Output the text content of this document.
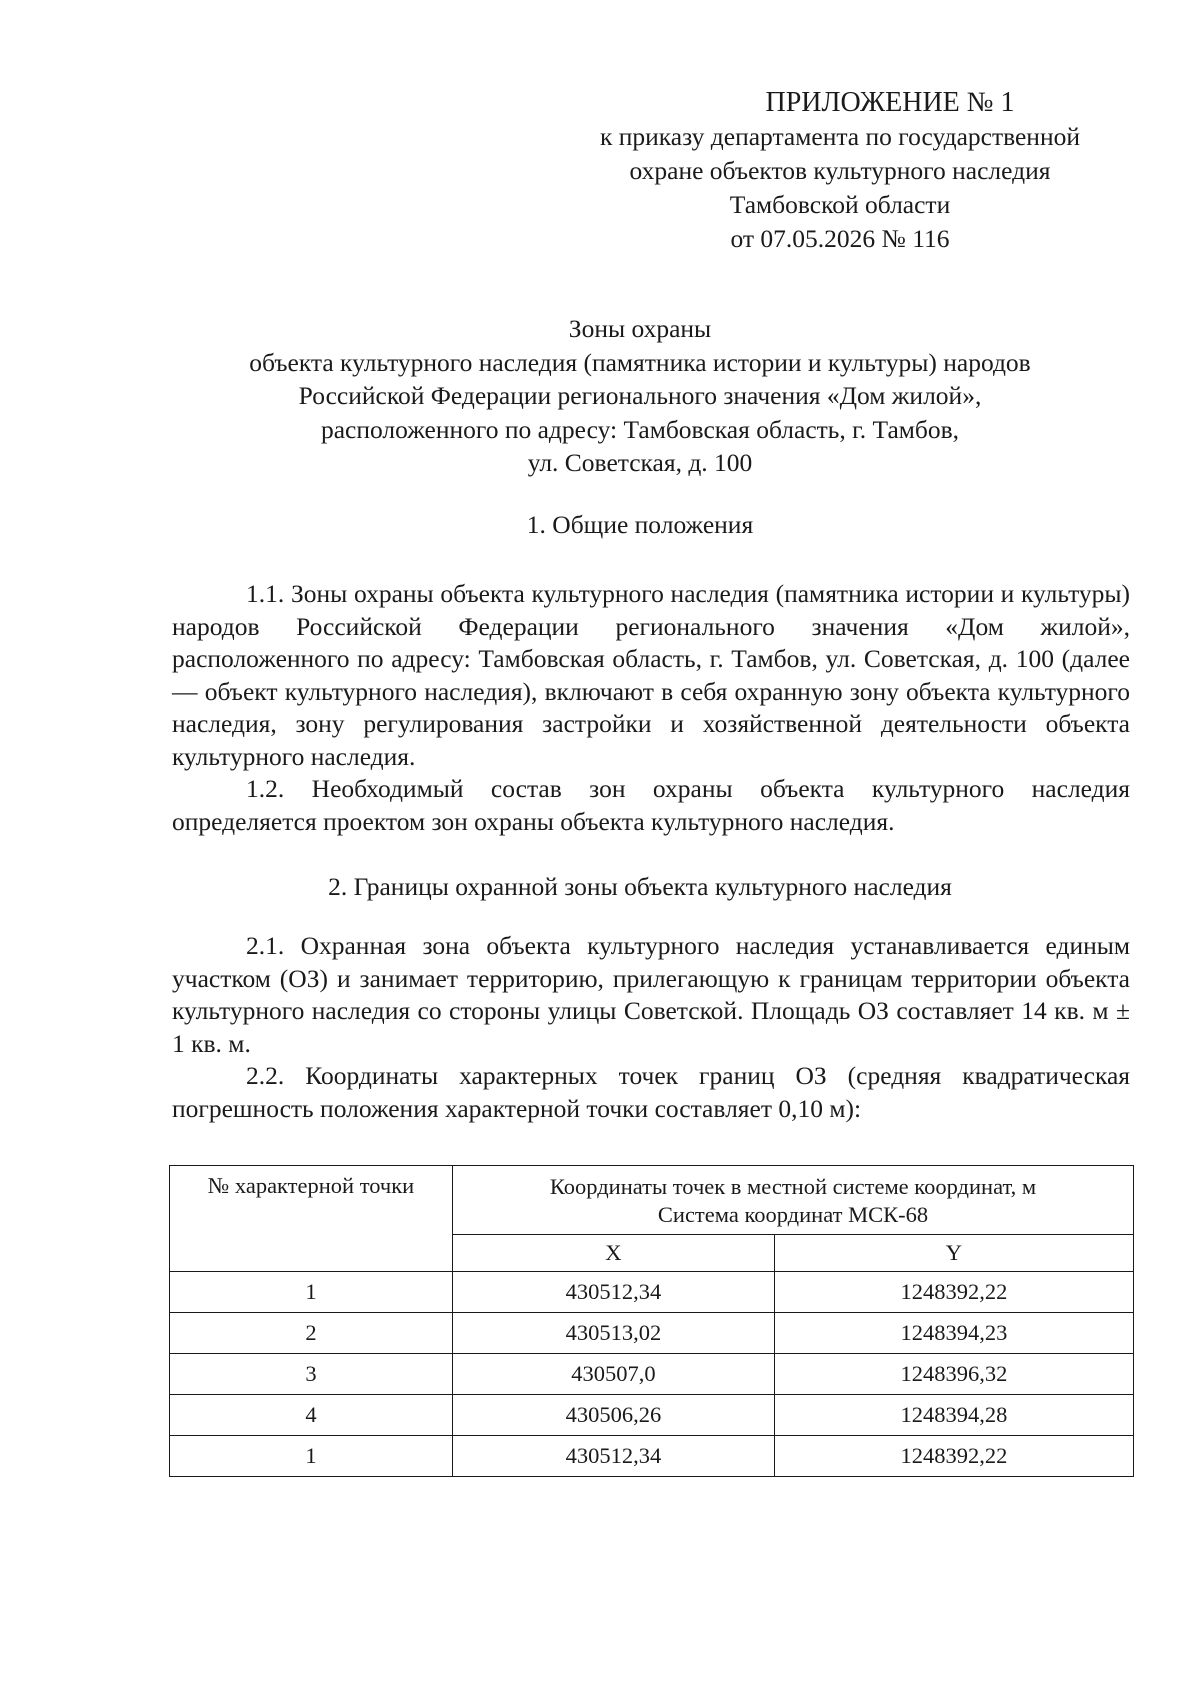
ПРИЛОЖЕНИЕ № 1
к приказу департамента по государственной
охране объектов культурного наследия
Тамбовской области
от 07.05.2026 № 116
Зоны охраны
объекта культурного наследия (памятника истории и культуры) народов
Российской Федерации регионального значения «Дом жилой»,
расположенного по адресу: Тамбовская область, г. Тамбов,
ул. Советская, д. 100
1. Общие положения

1.1. Зоны охраны объекта культурного наследия (памятника истории и культуры) народов Российской Федерации регионального значения «Дом жилой», расположенного по адресу: Тамбовская область, г. Тамбов, ул. Советская, д. 100 (далее — объект культурного наследия), включают в себя охранную зону объекта культурного наследия, зону регулирования застройки и хозяйственной деятельности объекта культурного наследия.

1.2. Необходимый состав зон охраны объекта культурного наследия определяется проектом зон охраны объекта культурного наследия.

2. Границы охранной зоны объекта культурного наследия

2.1. Охранная зона объекта культурного наследия устанавливается единым участком (ОЗ) и занимает территорию, прилегающую к границам территории объекта культурного наследия со стороны улицы Советской. Площадь ОЗ составляет 14 кв. м ± 1 кв. м.

2.2. Координаты характерных точек границ ОЗ (средняя квадратическая погрешность положения характерной точки составляет 0,10 м):

№ характерной точки	Координаты точек в местной системе координат, м
Система координат МСК-68	

	X	Y
1	430512,34	1248392,22
2	430513,02	1248394,23
3	430507,0	1248396,32
4	430506,26	1248394,28
1	430512,34	1248392,22
